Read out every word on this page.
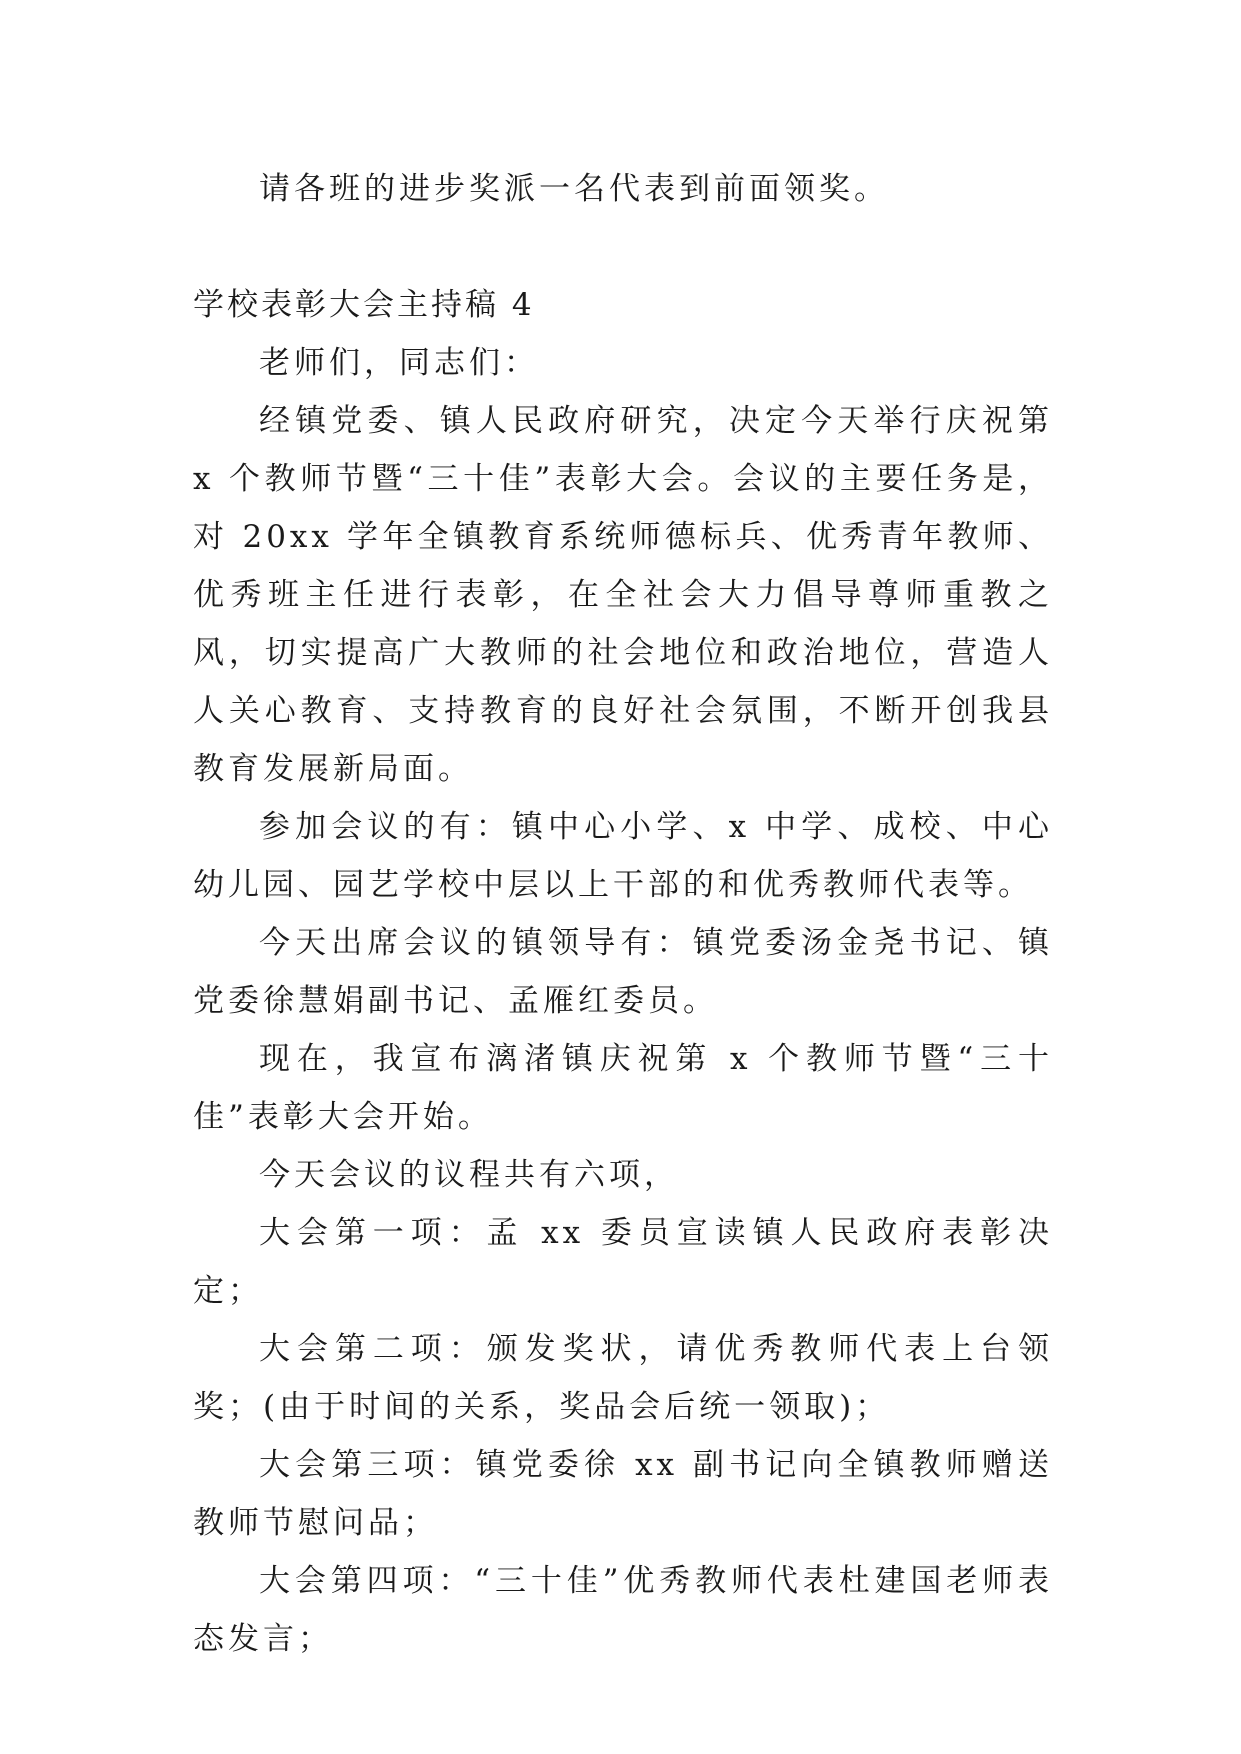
请各班的进步奖派一名代表到前面领奖。

学校表彰大会主持稿 4

老师们，同志们：

经镇党委、镇人民政府研究，决定今天举行庆祝第 x 个教师节暨“三十佳”表彰大会。会议的主要任务是，对 20xx 学年全镇教育系统师德标兵、优秀青年教师、优秀班主任进行表彰，在全社会大力倡导尊师重教之风，切实提高广大教师的社会地位和政治地位，营造人人关心教育、支持教育的良好社会氛围，不断开创我县教育发展新局面。

参加会议的有：镇中心小学、x 中学、成校、中心幼儿园、园艺学校中层以上干部的和优秀教师代表等。

今天出席会议的镇领导有：镇党委汤金尧书记、镇党委徐慧娟副书记、孟雁红委员。

现在，我宣布漓渚镇庆祝第 x 个教师节暨“三十佳”表彰大会开始。

今天会议的议程共有六项，

大会第一项：孟 xx 委员宣读镇人民政府表彰决定；

大会第二项：颁发奖状，请优秀教师代表上台领奖；(由于时间的关系，奖品会后统一领取)；

大会第三项：镇党委徐 xx 副书记向全镇教师赠送教师节慰问品；

大会第四项：“三十佳”优秀教师代表杜建国老师表态发言；
